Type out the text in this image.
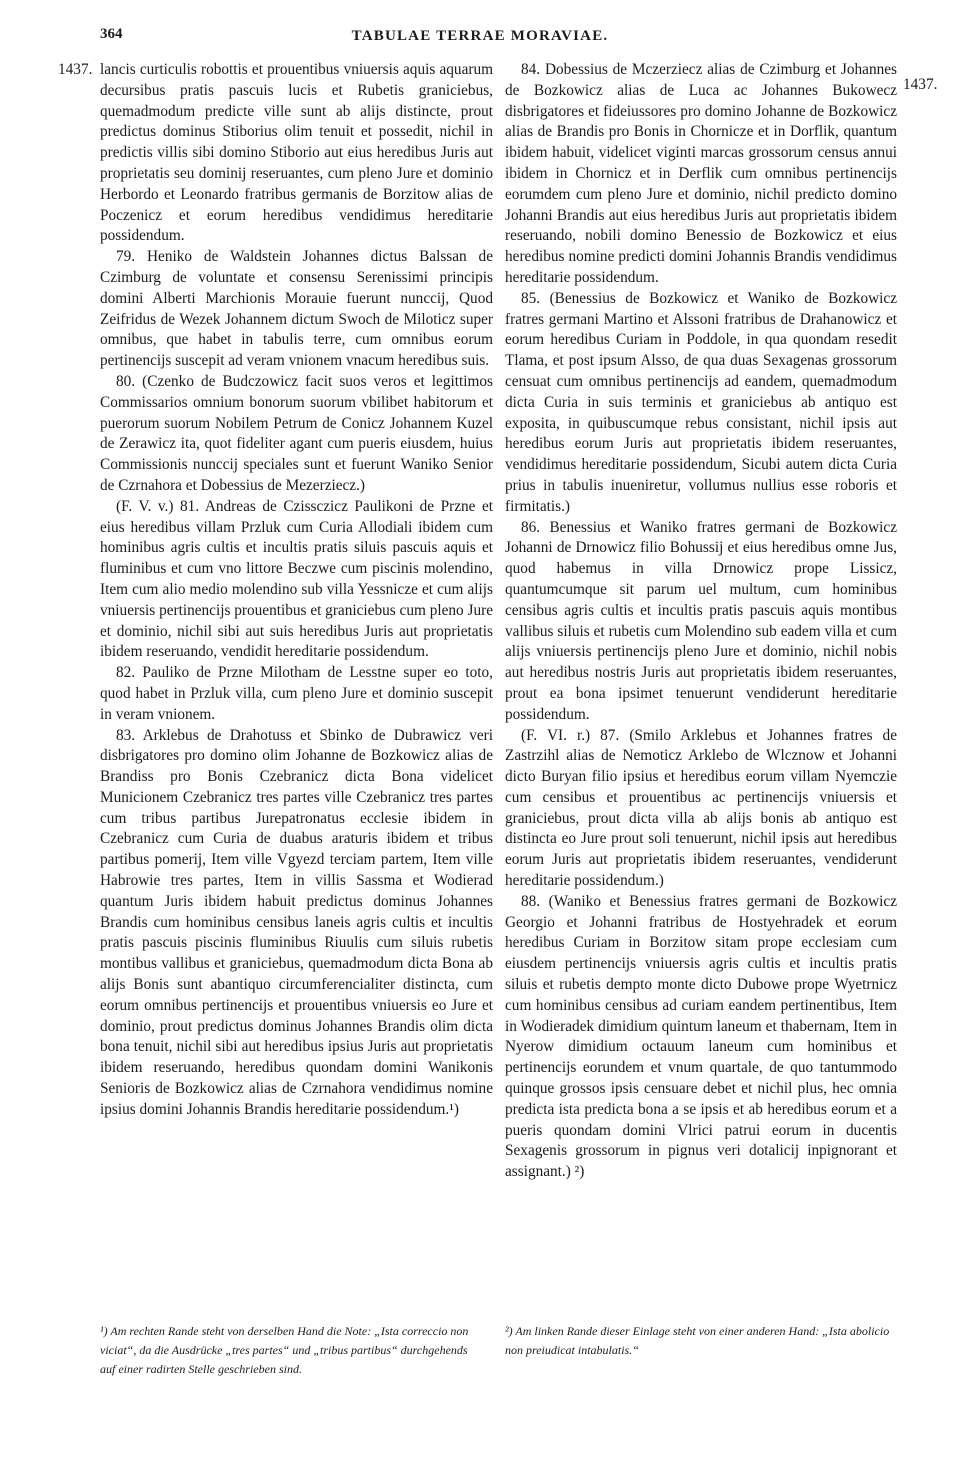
364	TABULAE TERRAE MORAVIAE.
1437.
1437.

lancis curticulis robottis et prouentibus vniuersis aquis aquarum decursibus pratis pascuis lucis et Rubetis graniciebus, quemadmodum predicte ville sunt ab alijs distincte, prout predictus dominus Stiborius olim tenuit et possedit, nichil in predictis villis sibi domino Stiborio aut eius heredibus Juris aut proprietatis seu dominij reseruantes, cum pleno Jure et dominio Herbordo et Leonardo fratribus germanis de Borzitow alias de Poczenicz et eorum heredibus vendidimus hereditarie possidendum.

79. Heniko de Waldstein Johannes dictus Balssan de Czimburg de voluntate et consensu Serenissimi principis domini Alberti Marchionis Morauie fuerunt nunccij, Quod Zeifridus de Wezek Johannem dictum Swoch de Miloticz super omnibus, que habet in tabulis terre, cum omnibus eorum pertinencijs suscepit ad veram vnionem vnacum heredibus suis.

80. (Czenko de Budczowicz facit suos veros et legittimos Commissarios omnium bonorum suorum vbilibet habitorum et puerorum suorum Nobilem Petrum de Conicz Johannem Kuzel de Zerawicz ita, quot fideliter agant cum pueris eiusdem, huius Commissionis nunccij speciales sunt et fuerunt Waniko Senior de Czrnahora et Dobessius de Mezerziecz.)

(F. V. v.) 81. Andreas de Czissczicz Paulikoni de Przne et eius heredibus villam Przluk cum Curia Allodiali ibidem cum hominibus agris cultis et incultis pratis siluis pascuis aquis et fluminibus et cum vno littore Beczwe cum piscinis molendino, Item cum alio medio molendino sub villa Yessnicze et cum alijs vniuersis pertinencijs prouentibus et graniciebus cum pleno Jure et dominio, nichil sibi aut suis heredibus Juris aut proprietatis ibidem reseruando, vendidit hereditarie possidendum.

82. Pauliko de Przne Milotham de Lesstne super eo toto, quod habet in Przluk villa, cum pleno Jure et dominio suscepit in veram vnionem.

83. Arklebus de Drahotuss et Sbinko de Dubrawicz veri disbrigatores pro domino olim Johanne de Bozkowicz alias de Brandiss pro Bonis Czebranicz dicta Bona videlicet Municionem Czebranicz tres partes ville Czebranicz tres partes cum tribus partibus Jurepatronatus ecclesie ibidem in Czebranicz cum Curia de duabus araturis ibidem et tribus partibus pomerij, Item ville Vgyezd terciam partem, Item ville Habrowie tres partes, Item in villis Sassma et Wodierad quantum Juris ibidem habuit predictus dominus Johannes Brandis cum hominibus censibus laneis agris cultis et incultis pratis pascuis piscinis fluminibus Riuulis cum siluis rubetis montibus vallibus et graniciebus, quemadmodum dicta Bona ab alijs Bonis sunt abantiquo circumferencialiter distincta, cum eorum omnibus pertinencijs et prouentibus vniuersis eo Jure et dominio, prout predictus dominus Johannes Brandis olim dicta bona tenuit, nichil sibi aut heredibus ipsius Juris aut proprietatis ibidem reseruando, heredibus quondam domini Wanikonis Senioris de Bozkowicz alias de Czrnahora vendidimus nomine ipsius domini Johannis Brandis hereditarie possidendum.¹)

84. Dobessius de Mczerziecz alias de Czimburg et Johannes de Bozkowicz alias de Luca ac Johannes Bukowecz disbrigatores et fideiussores pro domino Johanne de Bozkowicz alias de Brandis pro Bonis in Chornicze et in Dorflik, quantum ibidem habuit, videlicet viginti marcas grossorum census annui ibidem in Chornicz et in Derflik cum omnibus pertinencijs eorumdem cum pleno Jure et dominio, nichil predicto domino Johanni Brandis aut eius heredibus Juris aut proprietatis ibidem reseruando, nobili domino Benessio de Bozkowicz et eius heredibus nomine predicti domini Johannis Brandis vendidimus hereditarie possidendum.

85. (Benessius de Bozkowicz et Waniko de Bozkowicz fratres germani Martino et Alssoni fratribus de Drahanowicz et eorum heredibus Curiam in Poddole, in qua quondam resedit Tlama, et post ipsum Alsso, de qua duas Sexagenas grossorum censuat cum omnibus pertinencijs ad eandem, quemadmodum dicta Curia in suis terminis et graniciebus ab antiquo est exposita, in quibuscumque rebus consistant, nichil ipsis aut heredibus eorum Juris aut proprietatis ibidem reseruantes, vendidimus hereditarie possidendum, Sicubi autem dicta Curia prius in tabulis inueniretur, vollumus nullius esse roboris et firmitatis.)

86. Benessius et Waniko fratres germani de Bozkowicz Johanni de Drnowicz filio Bohussij et eius heredibus omne Jus, quod habemus in villa Drnowicz prope Lissicz, quantumcumque sit parum uel multum, cum hominibus censibus agris cultis et incultis pratis pascuis aquis montibus vallibus siluis et rubetis cum Molendino sub eadem villa et cum alijs vniuersis pertinencijs pleno Jure et dominio, nichil nobis aut heredibus nostris Juris aut proprietatis ibidem reseruantes, prout ea bona ipsimet tenuerunt vendiderunt hereditarie possidendum.

(F. VI. r.) 87. (Smilo Arklebus et Johannes fratres de Zastrzihl alias de Nemoticz Arklebo de Wlcznow et Johanni dicto Buryan filio ipsius et heredibus eorum villam Nyemczie cum censibus et prouentibus ac pertinencijs vniuersis et graniciebus, prout dicta villa ab alijs bonis ab antiquo est distincta eo Jure prout soli tenuerunt, nichil ipsis aut heredibus eorum Juris aut proprietatis ibidem reseruantes, vendiderunt hereditarie possidendum.)

88. (Waniko et Benessius fratres germani de Bozkowicz Georgio et Johanni fratribus de Hostyehradek et eorum heredibus Curiam in Borzitow sitam prope ecclesiam cum eiusdem pertinencijs vniuersis agris cultis et incultis pratis siluis et rubetis dempto monte dicto Dubowe prope Wyetrnicz cum hominibus censibus ad curiam eandem pertinentibus, Item in Wodieradek dimidium quintum laneum et thabernam, Item in Nyerow dimidium octauum laneum cum hominibus et pertinencijs eorundem et vnum quartale, de quo tantummodo quinque grossos ipsis censuare debet et nichil plus, hec omnia predicta ista predicta bona a se ipsis et ab heredibus eorum et a pueris quondam domini Vlrici patrui eorum in ducentis Sexagenis grossorum in pignus veri dotalicij inpignorant et assignant.) ²)

¹) Am rechten Rande steht von derselben Hand die Note: „Ista correccio non viciat“, da die Ausdrücke „tres partes“ und „tribus partibus“ durchgehends auf einer radirten Stelle geschrieben sind.
²) Am linken Rande dieser Einlage steht von einer anderen Hand: „Ista abolicio non preiudicat intabulatis.“
